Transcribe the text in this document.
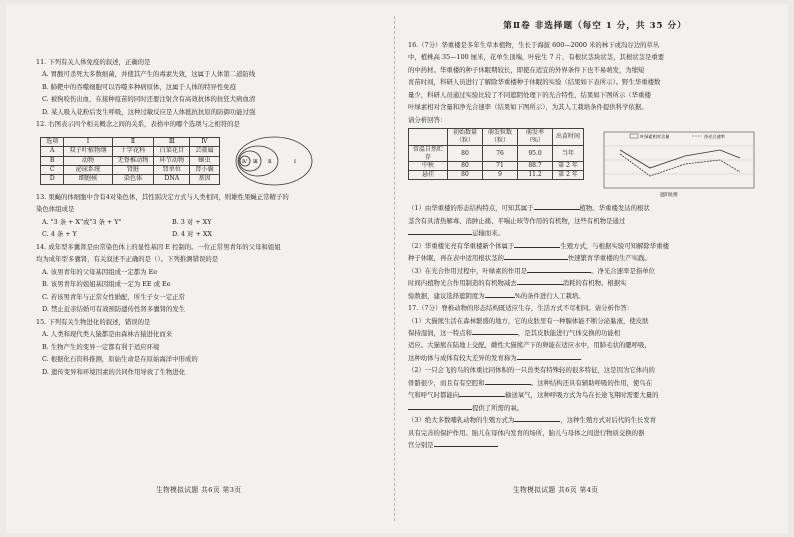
11. 下列有关人体免疫的叙述，正确的是

A. 胃酸可杀死大多数细菌，并使其产生的毒素失效，这属于人体第二道防线

B. 肺靶中的吞噬细胞可以吞噬多种病原体，这属于人体的特异性免疫

C. 被狗咬伤出血，在接种疫苗的同时还要注射含有高效抗体的抗狂犬病血清

D. 某人吸入花粉后发生呼吸，这种过敏反应是人体抵抗抗原的防御功能过强

12. 右图表示四个相关概念之间的关系，表格中的哪个选项与之相符的是

选项	Ⅰ	Ⅱ	Ⅲ	Ⅳ
A	双子叶植物纲	十字花科	白菜花目	芸薹属
B	动物	无脊椎动物	环节动物	蛔虫
C	泌尿系统	肾脏	肾单位	肾小囊
D	细胞核	染色体	DNA	基因
Ⅳ Ⅲ Ⅱ	Ⅰ

13. 果蝇的体细胞中含有4对染色体，其性别决定方式与人类相同，则雄性果蝇正常精子的

染色体组成是

A. "3 条 + X"或"3 条 + Y"	B. 3 对 + XY
C. 4 条 + Y	D. 4 对 + XX

14. 成年型多囊肾是由常染色体上的显性基因 E 控制的。一位正常男青年的父母和姐姐

均为成年型多囊肾，有关叙述不正确的是（）。下列推测错误的是

A. 该男青年的父母基因组成一定都为 Ee

B. 该男青年的姐姐基因组成一定为 EE 或 Ee

C. 若该男青年与正常女性婚配，所生子女一定正常

D. 禁止近亲结婚可有效预防遗传性肾多囊肾的发生

15. 下列有关生物进化的叙述，错误的是

A. 人类和现代类人猿都是由森林古猿进化而来

B. 生物产生的变异一定都有利于适应环境

C. 根据化石资料推测，原始生命是在原始海洋中形成的

D. 遗传变异和环境因素的共同作用导致了生物进化

生物模拟试题 共6页 第3页
第Ⅱ卷 非选择题（每空 1 分，共 35 分）

16.（7分）华重楼是多年生草本植物，生长于海拔 600—2000 米的林下或沟谷边的草丛

中，植株高 35—100 厘米，花单生顶端，叶轮生 7 片，有根状茎块状茎，其根状茎是重要

的中药材。华重楼的种子休眠期较长，即使在适宜的外界条件下也不易萌发，为缩短

育苗时间，科研人员进行了解除华重楼种子休眠的实验（结果如下表所示）。野生华重楼数

量少，科研人员通过实验比较了不同遮阴处理下的光合特性，结果如下图所示（华重楼

叶绿素相对含量和净光合速率（结果如下图所示），为其人工栽培条件提供科学依据。

请分析回答：

	初始数量（粒）	萌发粒数（粒）	萌发率（%）	出苗时间
常温自然贮存	80	76	95.0	当年
中秋	80	71	88.7	第 2 年
悬挂	80	9	11.2	第 2 年
叶绿素相对含量	净光合速率
遮阴处理

（1）由华重楼的形态结构特点，可知其属于	植物。华重楼发达的根状

茎含有具清热解毒、消肿止痛、平喘止咳等作用的有机物，这些有机物是通过

运输而来。

（2）华重楼光亮有华重楼新个体属于	生殖方式，与根据实验可知解除华重楼

种子休眠，再在表中适用根状茎的	快速繁育华重楼的生产实践。

（3）在光合作用过程中，叶绿素的作用是	。净光合速率是指单位

时间内植物光合作用制造的有机物减去	消耗的有机物。根据实

验数据，建议选择遮阴度为	%的条件进行人工栽培。

17.（7分）脊椎动物的形态结构既适应生存，生活方式不尽相同。请分析作答：

（1）大猫熊生活在森林繁盛的地方，它的皮肤里有一种腺体能不断分泌黏液，使皮肤

保持湿润，这一特点和	，是其皮肤能进行气体交换的功能相

适应。大猫熊在陆地上交配，雌性大猫熊产下的卵能在适应水中，用肺毛状的腮呼吸，

这种幼体与成体有较大差异的发育称为

（2）一只会飞的鸟的体重比同体积的一只兽类有特殊轻的很多特征，这是因为它体内的

骨骼很少，而且有有空腔和	。这种结构还具有辅助呼吸的作用，使鸟在

气和呼气时都能向	输送氧气，这种呼吸方式为鸟在长途飞翔时需要大量的

提供了所需的氧。

（3）绝大多数哺乳动物的生殖方式为	，这种生殖方式对后代的生长发育

具有完善的保护作用。胎儿在母体内发育的场所，胎儿与母体之间进行物质交换的器

官分别是

生物模拟试题 共6页 第4页
